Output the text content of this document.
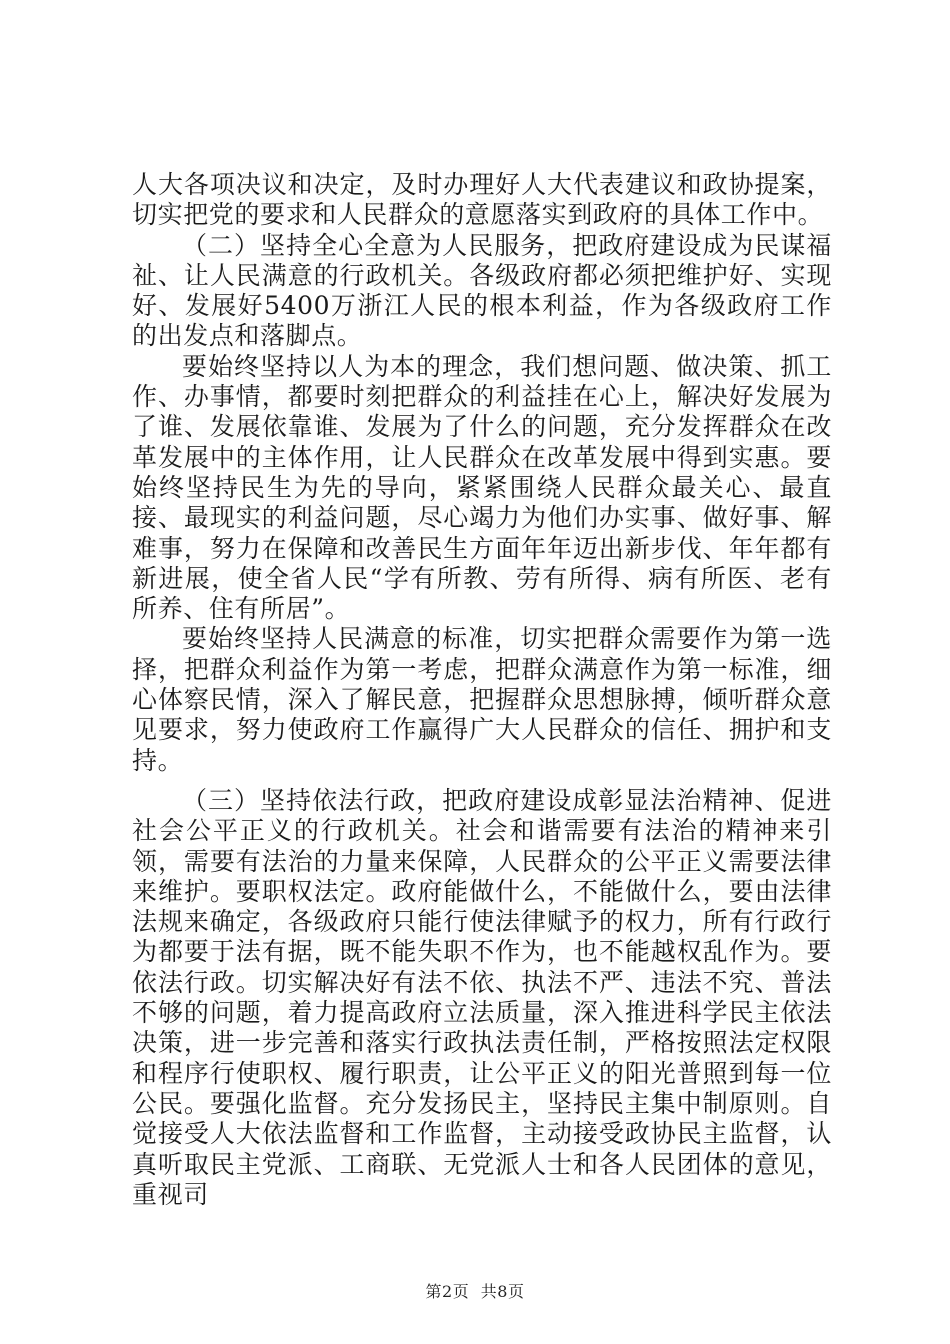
人大各项决议和决定，及时办理好人大代表建议和政协提案，切实把党的要求和人民群众的意愿落实到政府的具体工作中。

（二）坚持全心全意为人民服务，把政府建设成为民谋福祉、让人民满意的行政机关。各级政府都必须把维护好、实现好、发展好5400万浙江人民的根本利益，作为各级政府工作的出发点和落脚点。

要始终坚持以人为本的理念，我们想问题、做决策、抓工作、办事情，都要时刻把群众的利益挂在心上，解决好发展为了谁、发展依靠谁、发展为了什么的问题，充分发挥群众在改革发展中的主体作用，让人民群众在改革发展中得到实惠。要始终坚持民生为先的导向，紧紧围绕人民群众最关心、最直接、最现实的利益问题，尽心竭力为他们办实事、做好事、解难事，努力在保障和改善民生方面年年迈出新步伐、年年都有新进展，使全省人民“学有所教、劳有所得、病有所医、老有所养、住有所居”。

要始终坚持人民满意的标准，切实把群众需要作为第一选择，把群众利益作为第一考虑，把群众满意作为第一标准，细心体察民情，深入了解民意，把握群众思想脉搏，倾听群众意见要求，努力使政府工作赢得广大人民群众的信任、拥护和支持。

（三）坚持依法行政，把政府建设成彰显法治精神、促进社会公平正义的行政机关。社会和谐需要有法治的精神来引领，需要有法治的力量来保障，人民群众的公平正义需要法律来维护。要职权法定。政府能做什么，不能做什么，要由法律法规来确定，各级政府只能行使法律赋予的权力，所有行政行为都要于法有据，既不能失职不作为，也不能越权乱作为。要依法行政。切实解决好有法不依、执法不严、违法不究、普法不够的问题，着力提高政府立法质量，深入推进科学民主依法决策，进一步完善和落实行政执法责任制，严格按照法定权限和程序行使职权、履行职责，让公平正义的阳光普照到每一位公民。要强化监督。充分发扬民主，坚持民主集中制原则。自觉接受人大依法监督和工作监督，主动接受政协民主监督，认真听取民主党派、工商联、无党派人士和各人民团体的意见，重视司

第2页 共8页
